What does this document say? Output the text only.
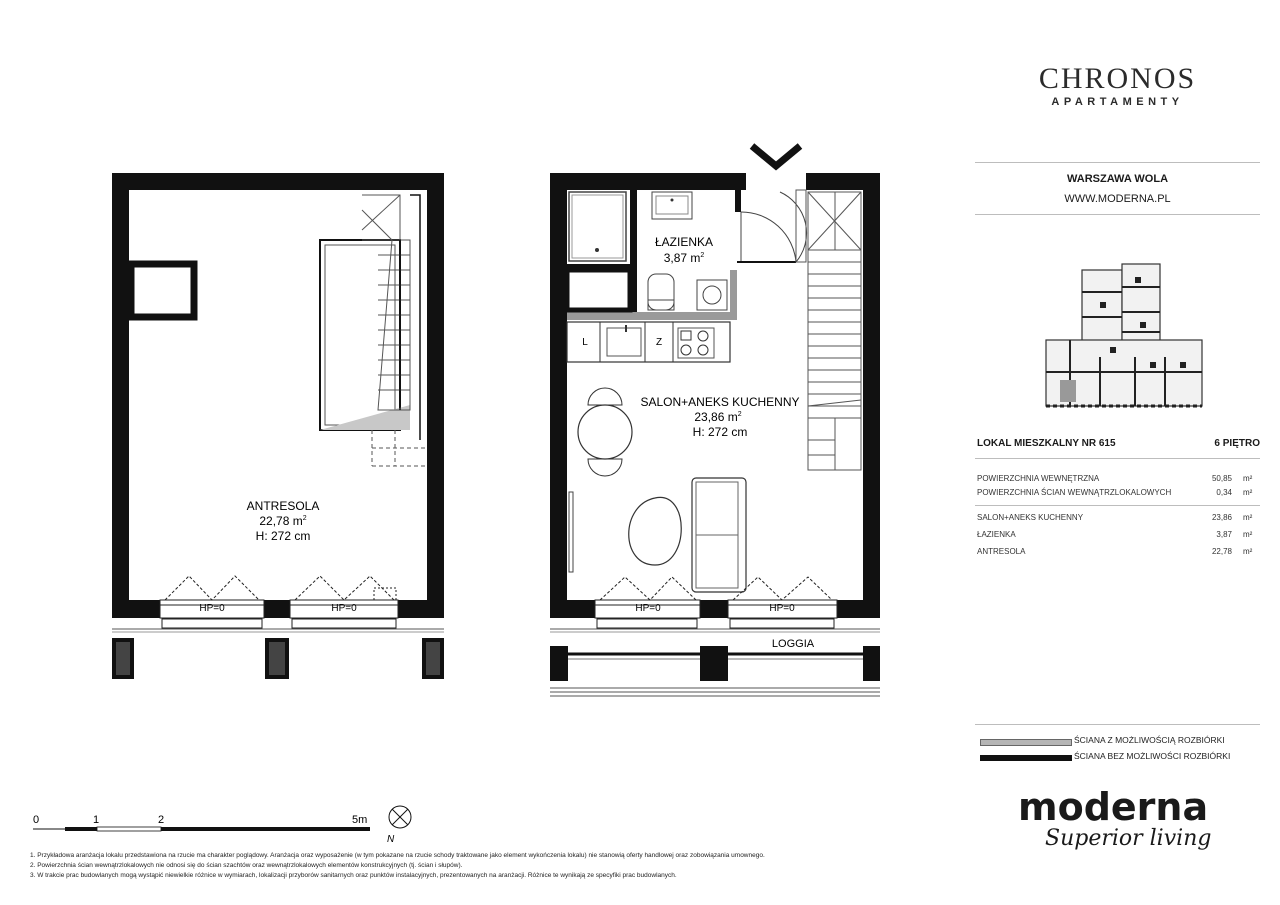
CHRONOS
APARTAMENTY
WARSZAWA WOLA
WWW.MODERNA.PL
LOKAL MIESZKALNY NR 615	6 PIĘTRO
POWIERZCHNIA WEWNĘTRZNA	50,85 m²
POWIERZCHNIA ŚCIAN WEWNĄTRZLOKALOWYCH	0,34 m²
SALON+ANEKS KUCHENNY	23,86 m²
ŁAZIENKA	3,87 m²
ANTRESOLA	22,78 m²
ŚCIANA Z MOŻLIWOŚCIĄ ROZBIÓRKI
ŚCIANA BEZ MOŻLIWOŚCI ROZBIÓRKI
moderna
Superior living
ANTRESOLA
22,78 $m^2$
H: 272 cm
ŁAZIENKA
3,87 $m^2$
SALON+ANEKS KUCHENNY
23,86 $m^2$
H: 272 cm
LOGGIA
L	Z
HP=0	HP=0	HP=0	HP=0
0	1	2	5m
N
1. Przykładowa aranżacja lokalu przedstawiona na rzucie ma charakter poglądowy. Aranżacja oraz wyposażenie (w tym pokazane na rzucie schody traktowane jako element wykończenia lokalu) nie stanowią oferty handlowej oraz zobowiązania umownego.
2. Powierzchnia ścian wewnątrzlokalowych nie odnosi się do ścian szachtów oraz wewnątrzlokalowych elementów konstrukcyjnych (tj. ścian i słupów).
3. W trakcie prac budowlanych mogą wystąpić niewielkie różnice w wymiarach, lokalizacji przyborów sanitarnych oraz punktów instalacyjnych, prezentowanych na aranżacji. Różnice te wynikają ze specyfiki prac budowlanych.
